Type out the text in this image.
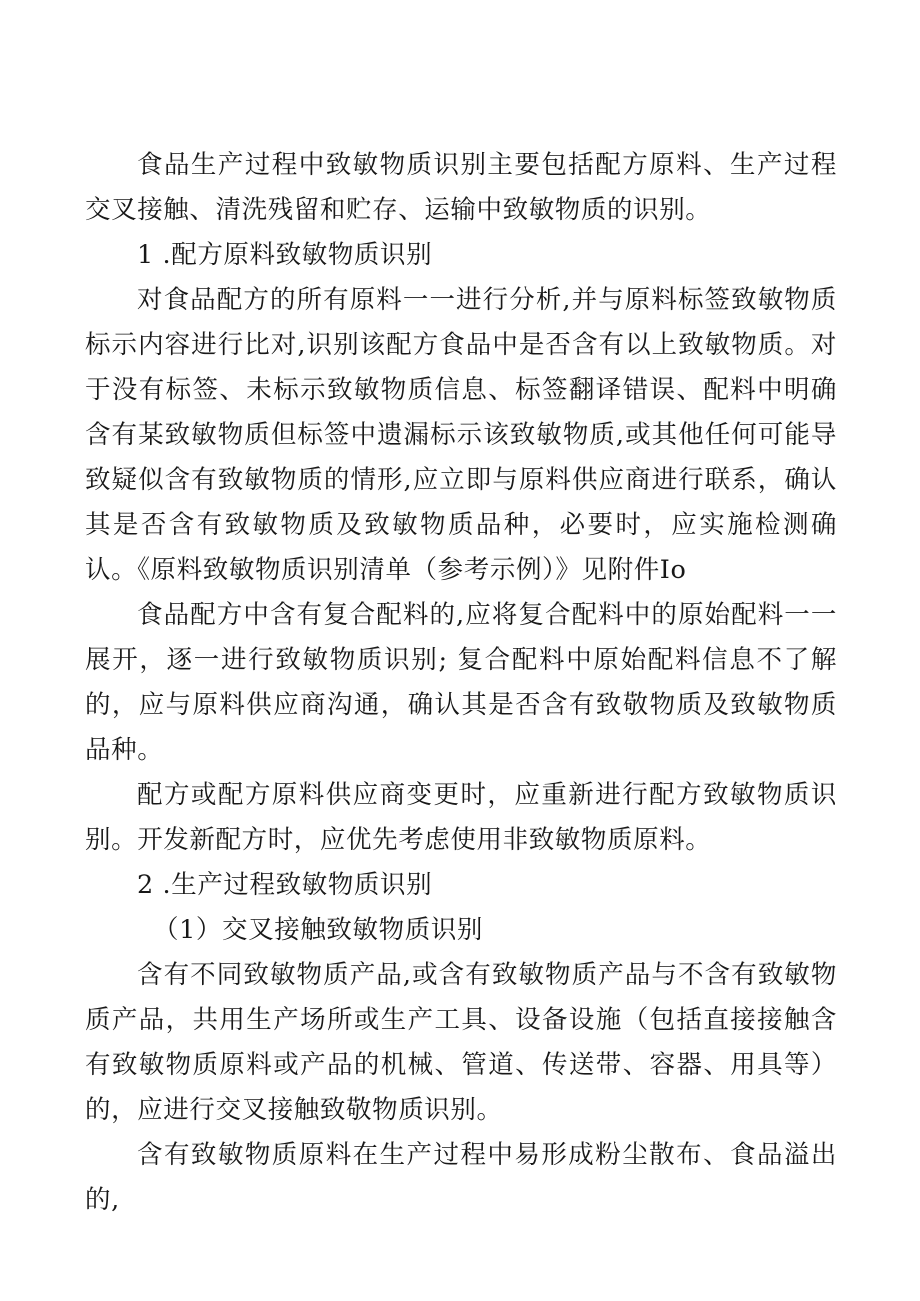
食品生产过程中致敏物质识别主要包括配方原料、生产过程交叉接触、清洗残留和贮存、运输中致敏物质的识别。

1 .配方原料致敏物质识别

对食品配方的所有原料一一进行分析,并与原料标签致敏物质标示内容进行比对,识别该配方食品中是否含有以上致敏物质。对于没有标签、未标示致敏物质信息、标签翻译错误、配料中明确含有某致敏物质但标签中遗漏标示该致敏物质,或其他任何可能导致疑似含有致敏物质的情形,应立即与原料供应商进行联系，确认其是否含有致敏物质及致敏物质品种，必要时，应实施检测确认。《原料致敏物质识别清单（参考示例）》见附件Io

食品配方中含有复合配料的,应将复合配料中的原始配料一一展开，逐一进行致敏物质识别; 复合配料中原始配料信息不了解的，应与原料供应商沟通，确认其是否含有致敬物质及致敏物质品种。

配方或配方原料供应商变更时，应重新进行配方致敏物质识别。开发新配方时，应优先考虑使用非致敏物质原料。

2 .生产过程致敏物质识别

（1）交叉接触致敏物质识别

含有不同致敏物质产品,或含有致敏物质产品与不含有致敏物质产品，共用生产场所或生产工具、设备设施（包括直接接触含有致敏物质原料或产品的机械、管道、传送带、容器、用具等）的，应进行交叉接触致敬物质识别。

含有致敏物质原料在生产过程中易形成粉尘散布、食品溢出的,
